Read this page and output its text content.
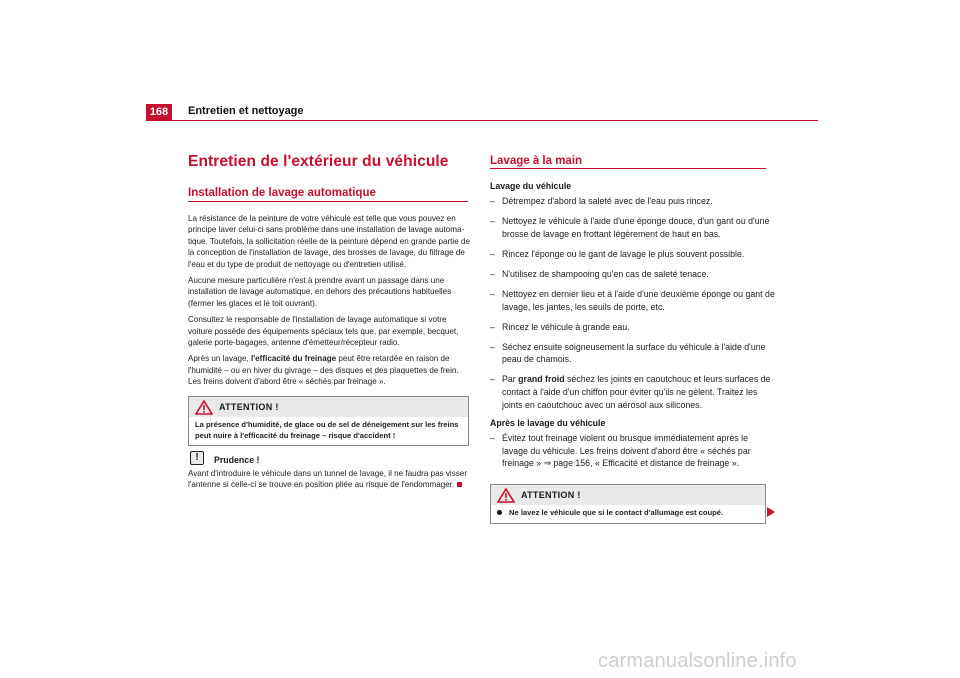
168	Entretien et nettoyage
Entretien de l'extérieur du véhicule
Installation de lavage automatique

La résistance de la peinture de votre véhicule est telle que vous pouvez en principe laver celui-ci sans problème dans une installation de lavage automa-tique. Toutefois, la sollicitation réelle de la peinture dépend en grande partie de la conception de l'installation de lavage, des brosses de lavage, du filtrage de l'eau et du type de produit de nettoyage ou d'entretien utilisé.

Aucune mesure particulière n'est à prendre avant un passage dans une installation de lavage automatique, en dehors des précautions habituelles (fermer les glaces et le toit ouvrant).

Consultez le responsable de l'installation de lavage automatique si votre voiture possède des équipements spéciaux tels que, par exemple, becquet, galerie porte-bagages, antenne d'émetteur/récepteur radio.

Après un lavage, l'efficacité du freinage peut être retardée en raison de l'humidité – ou en hiver du givrage – des disques et des plaquettes de frein. Les freins doivent d'abord être « séchés par freinage ».

ATTENTION !
La présence d'humidité, de glace ou de sel de déneigement sur les freins peut nuire à l'efficacité du freinage – risque d'accident !
!	Prudence !
Avant d'introduire le véhicule dans un tunnel de lavage, il ne faudra pas visser l'antenne si celle-ci se trouve en position pliée au risque de l'endommager.
Lavage à la main
Lavage du véhicule
– Détrempez d'abord la saleté avec de l'eau puis rincez.
– Nettoyez le véhicule à l'aide d'une éponge douce, d'un gant ou d'une brosse de lavage en frottant légèrement de haut en bas.
– Rincez l'éponge ou le gant de lavage le plus souvent possible.
– N'utilisez de shampooing qu'en cas de saleté tenace.
– Nettoyez en dernier lieu et à l'aide d'une deuxième éponge ou gant de lavage, les jantes, les seuils de porte, etc.
– Rincez le véhicule à grande eau.
– Séchez ensuite soigneusement la surface du véhicule à l'aide d'une peau de chamois.
– Par grand froid séchez les joints en caoutchouc et leurs surfaces de contact à l'aide d'un chiffon pour éviter qu'ils ne gèlent. Traitez les joints en caoutchouc avec un aérosol aux silicones.
Après le lavage du véhicule
– Évitez tout freinage violent ou brusque immédiatement après le lavage du véhicule. Les freins doivent d'abord être « séchés par freinage » ⇒ page 156, « Efficacité et distance de freinage ».
ATTENTION !
Ne lavez le véhicule que si le contact d'allumage est coupé.
carmanualsonline.info
